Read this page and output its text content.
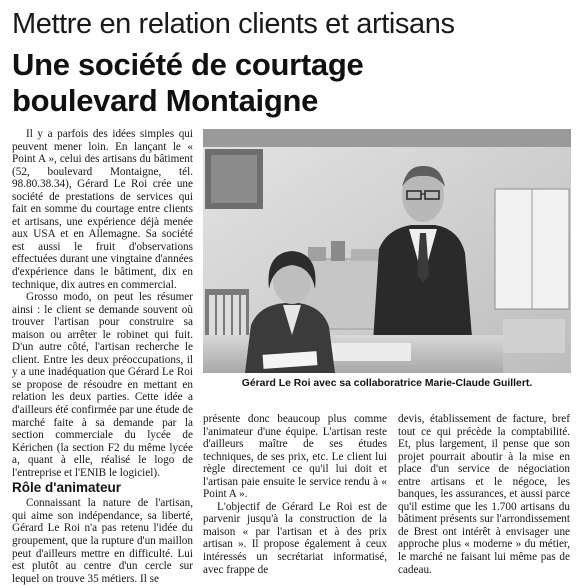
Mettre en relation clients et artisans
Une société de courtage
boulevard Montaigne

Il y a parfois des idées simples qui peuvent mener loin. En lançant le « Point A », celui des artisans du bâtiment (52, boulevard Montaigne, tél. 98.80.38.34), Gérard Le Roi crée une société de prestations de services qui fait en somme du courtage entre clients et artisans, une expérience déjà menée aux USA et en Allemagne. Sa société est aussi le fruit d'observations effectuées durant une vingtaine d'années d'expérience dans le bâtiment, dix en technique, dix autres en commercial.

Grosso modo, on peut les résumer ainsi : le client se demande souvent où trouver l'artisan pour construire sa maison ou arrêter le robinet qui fuit. D'un autre côté, l'artisan recherche le client. Entre les deux préoccupations, il y a une inadéquation que Gérard Le Roi se propose de résoudre en mettant en relation les deux parties. Cette idée a d'ailleurs été confirmée par une étude de marché faite à sa demande par la section commerciale du lycée de Kérichen (la section F2 du même lycée a, quant à elle, réalisé le logo de l'entreprise et l'ENIB le logiciel).

Rôle d'animateur

Connaissant la nature de l'artisan, qui aime son indépendance, sa liberté, Gérard Le Roi n'a pas retenu l'idée du groupement, que la rupture d'un maillon peut d'ailleurs mettre en difficulté. Lui est plutôt au centre d'un cercle sur lequel on trouve 35 métiers. Il se

Gérard Le Roi avec sa collaboratrice Marie-Claude Guillert.

présente donc beaucoup plus comme l'animateur d'une équipe. L'artisan reste d'ailleurs maître de ses études techniques, de ses prix, etc. Le client lui règle directement ce qu'il lui doit et l'artisan paie ensuite le service rendu à « Point A ».

L'objectif de Gérard Le Roi est de parvenir jusqu'à la construction de la maison « par l'artisan et à des prix artisan ». Il propose également à ceux intéressés un secrétariat informatisé, avec frappe de

devis, établissement de facture, bref tout ce qui précède la comptabilité. Et, plus largement, il pense que son projet pourrait aboutir à la mise en place d'un service de négociation entre artisans et le négoce, les banques, les assurances, et aussi parce qu'il estime que les 1.700 artisans du bâtiment présents sur l'arrondissement de Brest ont intérêt à envisager une approche plus « moderne » du métier, le marché ne faisant lui même pas de cadeau.
